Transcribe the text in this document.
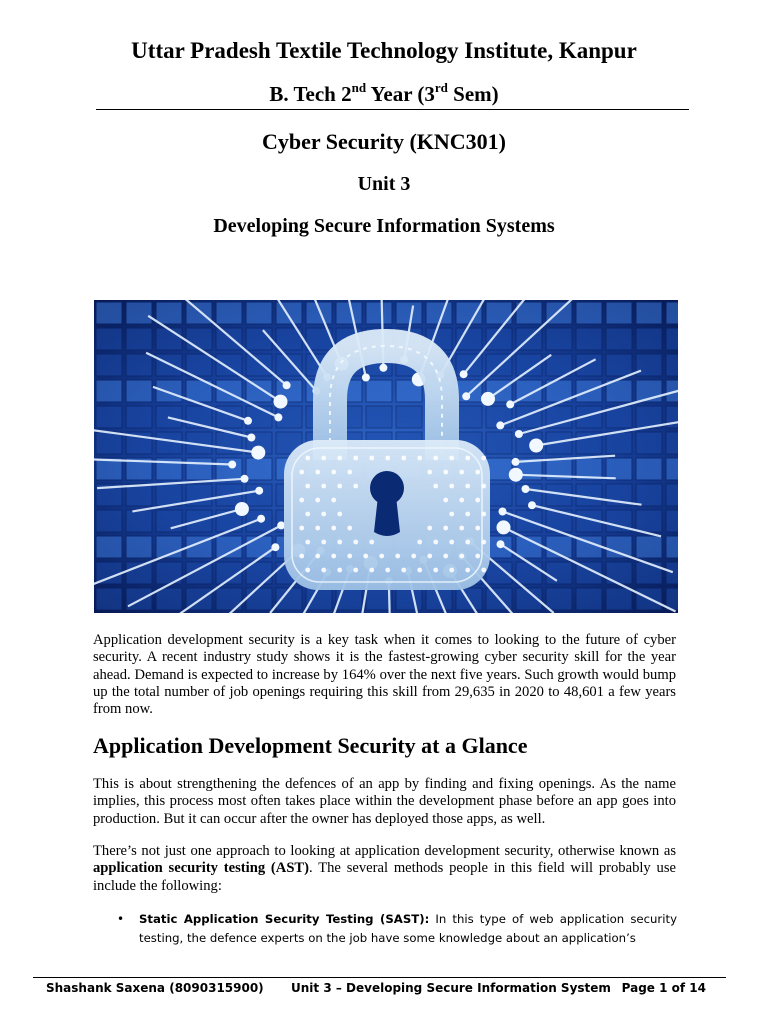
Uttar Pradesh Textile Technology Institute, Kanpur
B. Tech 2nd Year (3rd Sem)
Cyber Security (KNC301)
Unit 3
Developing Secure Information Systems
Application development security is a key task when it comes to looking to the future of cyber security. A recent industry study shows it is the fastest-growing cyber security skill for the year ahead. Demand is expected to increase by 164% over the next five years. Such growth would bump up the total number of job openings requiring this skill from 29,635 in 2020 to 48,601 a few years from now.
Application Development Security at a Glance
This is about strengthening the defences of an app by finding and fixing openings. As the name implies, this process most often takes place within the development phase before an app goes into production. But it can occur after the owner has deployed those apps, as well.
There’s not just one approach to looking at application development security, otherwise known as application security testing (AST). The several methods people in this field will probably use include the following:
• Static Application Security Testing (SAST): In this type of web application security testing, the defence experts on the job have some knowledge about an application’s
Shashank Saxena (8090315900) Unit 3 – Developing Secure Information System Page 1 of 14
